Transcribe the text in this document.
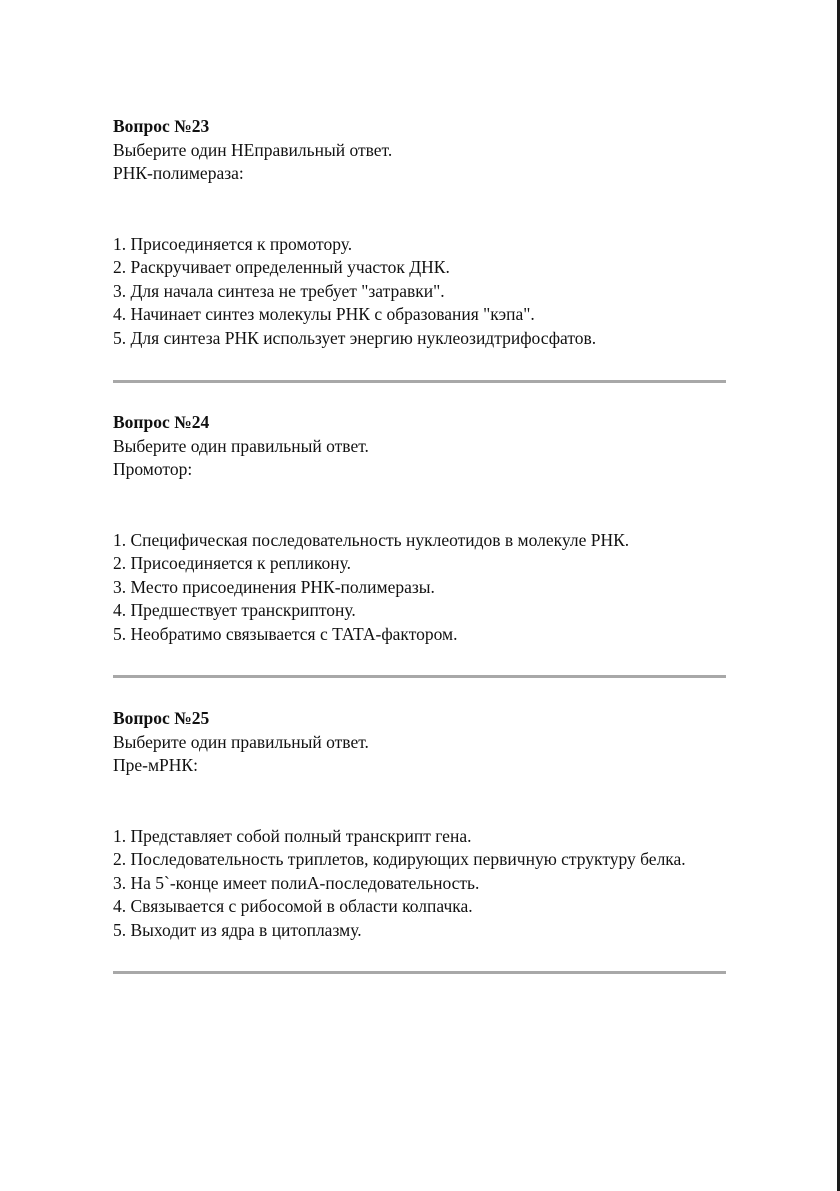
Вопрос №23

Выберите один НЕправильный ответ.

РНК-полимераза:

1. Присоединяется к промотору.
2. Раскручивает определенный участок ДНК.
3. Для начала синтеза не требует "затравки".
4. Начинает синтез молекулы РНК с образования "кэпа".
5. Для синтеза РНК использует энергию нуклеозидтрифосфатов.

Вопрос №24

Выберите один правильный ответ.

Промотор:

1. Специфическая последовательность нуклеотидов в молекуле РНК.
2. Присоединяется к репликону.
3. Место присоединения РНК-полимеразы.
4. Предшествует транскриптону.
5. Необратимо связывается с ТАТА-фактором.

Вопрос №25

Выберите один правильный ответ.

Пре-мРНК:

1. Представляет собой полный транскрипт гена.
2. Последовательность триплетов, кодирующих первичную структуру белка.
3. На 5`-конце имеет полиА-последовательность.
4. Связывается с рибосомой в области колпачка.
5. Выходит из ядра в цитоплазму.
